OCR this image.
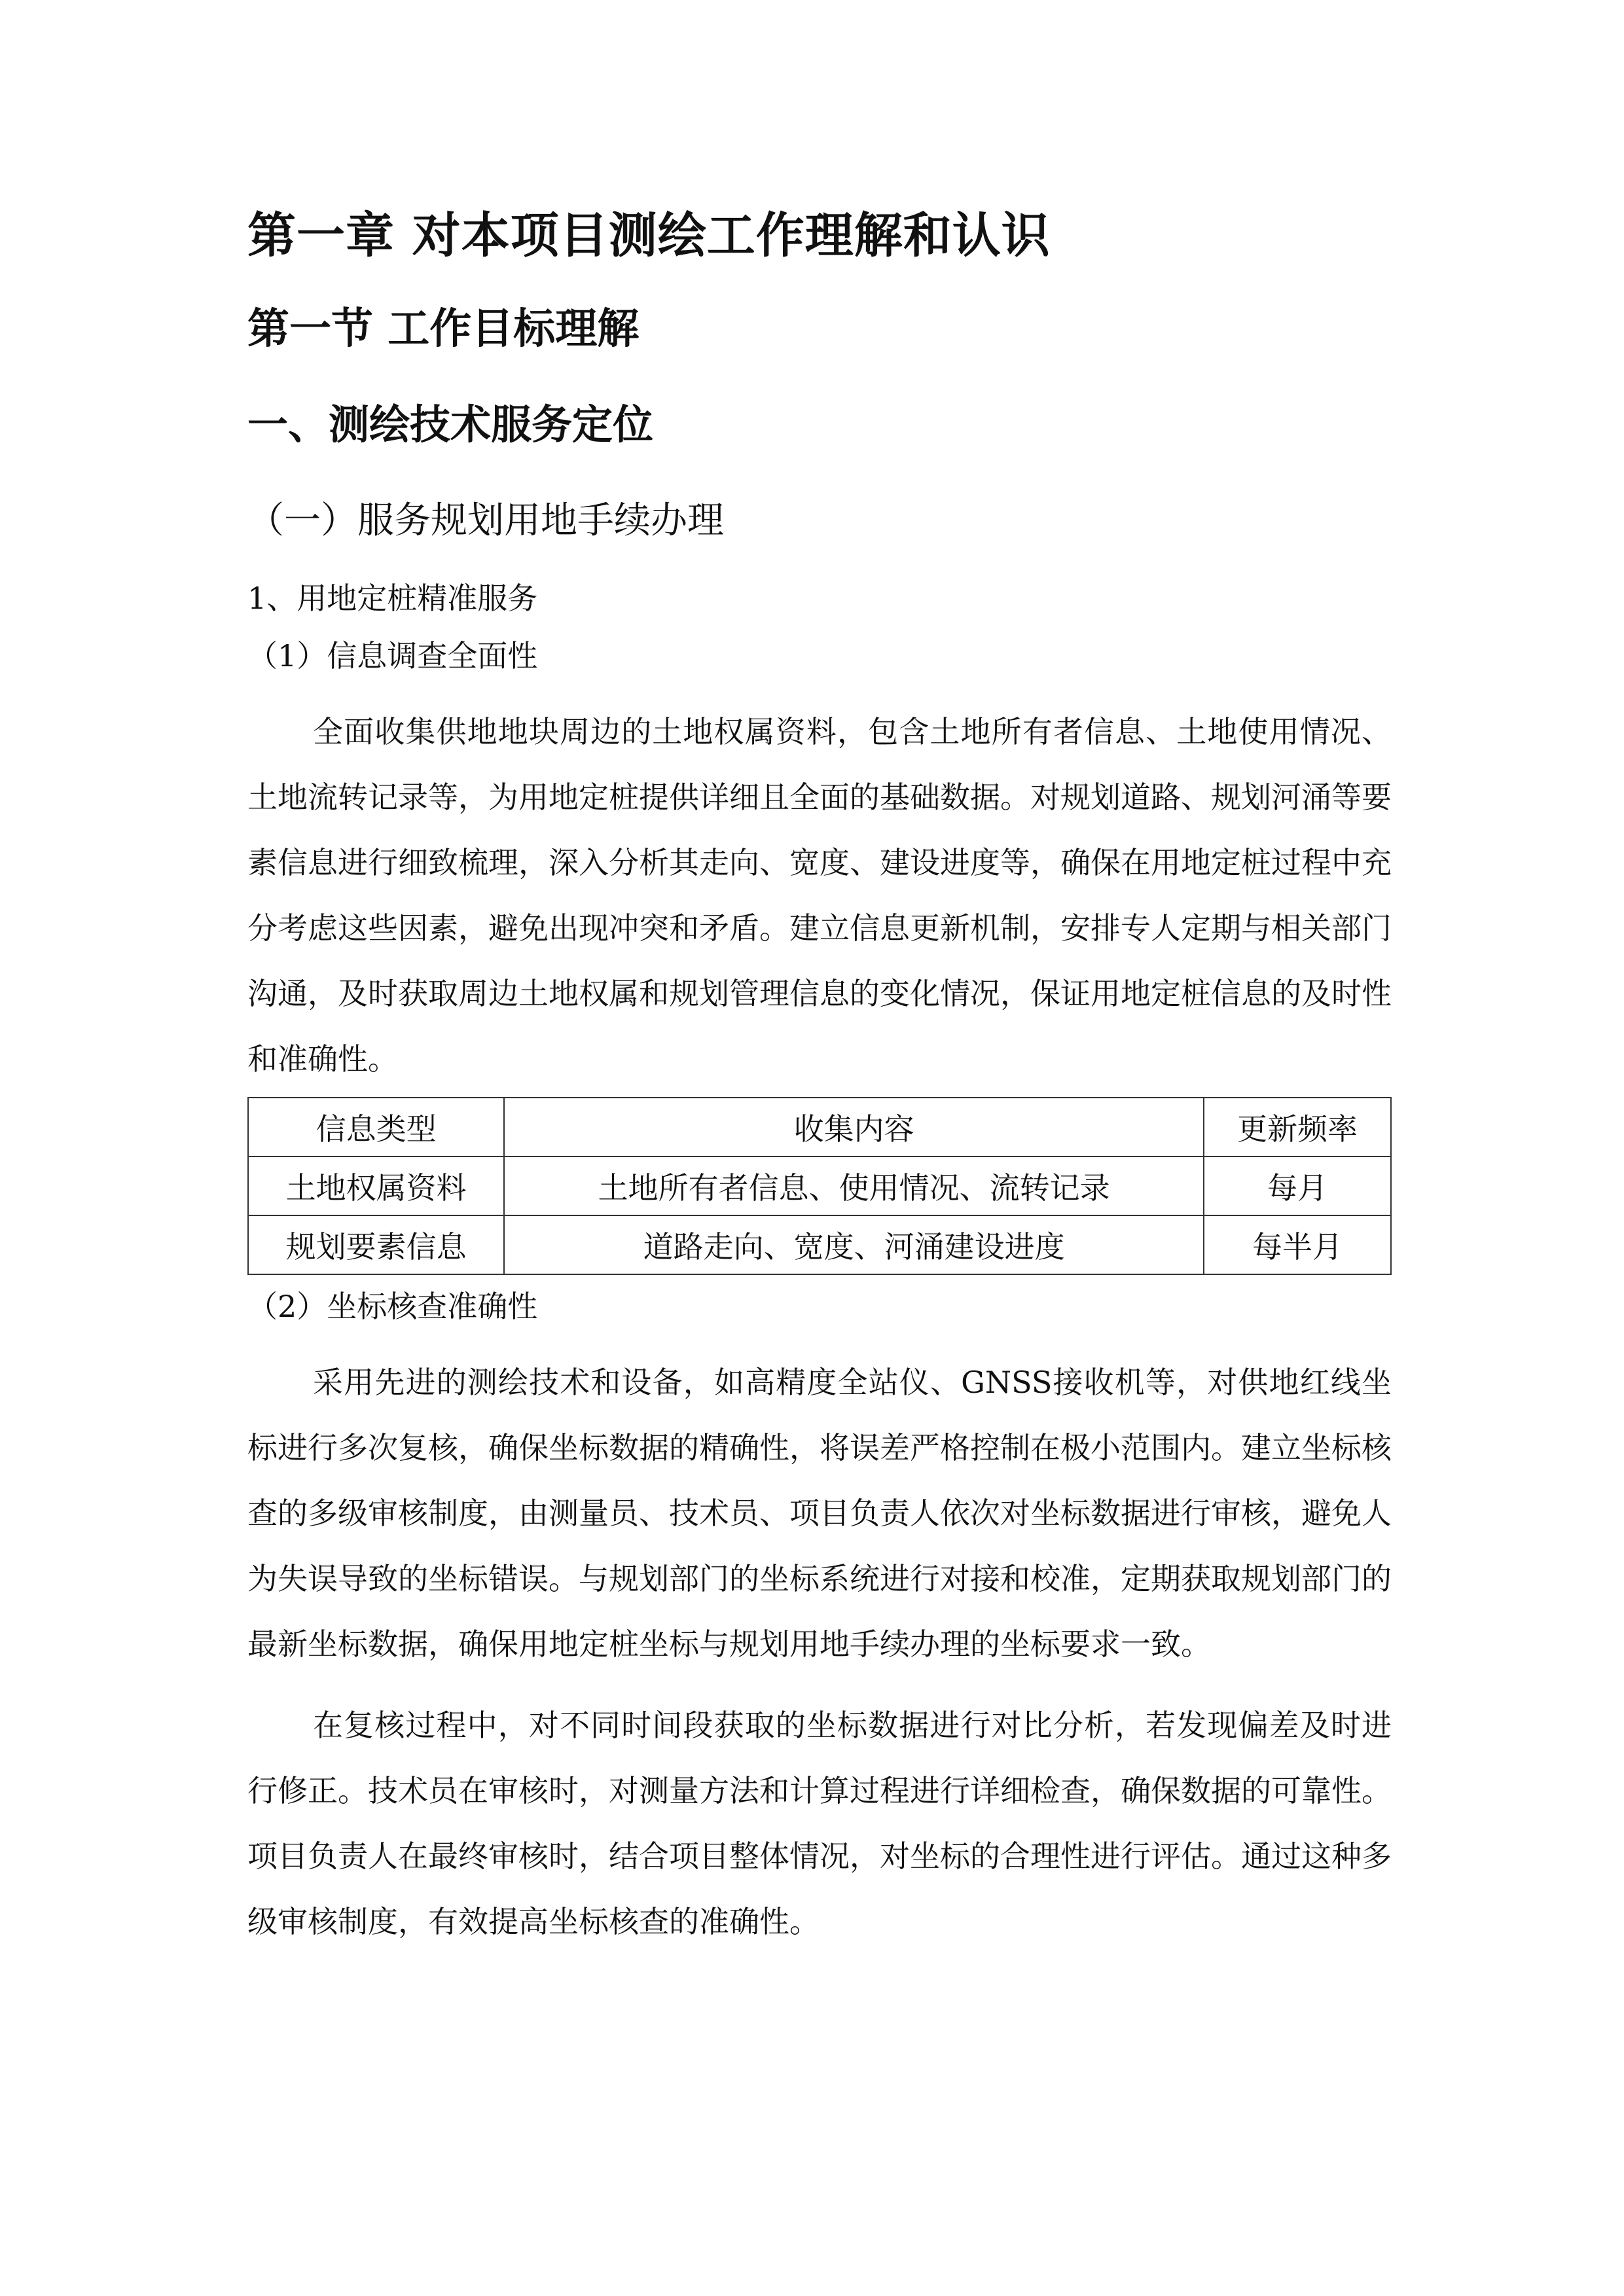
第一章 对本项目测绘工作理解和认识
第一节 工作目标理解
一、测绘技术服务定位
（一）服务规划用地手续办理
1、用地定桩精准服务
（1）信息调查全面性

全面收集供地地块周边的土地权属资料，包含土地所有者信息、土地使用情况、土地流转记录等，为用地定桩提供详细且全面的基础数据。对规划道路、规划河涌等要素信息进行细致梳理，深入分析其走向、宽度、建设进度等，确保在用地定桩过程中充分考虑这些因素，避免出现冲突和矛盾。建立信息更新机制，安排专人定期与相关部门沟通，及时获取周边土地权属和规划管理信息的变化情况，保证用地定桩信息的及时性和准确性。

信息类型	收集内容	更新频率
土地权属资料	土地所有者信息、使用情况、流转记录	每月
规划要素信息	道路走向、宽度、河涌建设进度	每半月
（2）坐标核查准确性

采用先进的测绘技术和设备，如高精度全站仪、GNSS接收机等，对供地红线坐标进行多次复核，确保坐标数据的精确性，将误差严格控制在极小范围内。建立坐标核查的多级审核制度，由测量员、技术员、项目负责人依次对坐标数据进行审核，避免人为失误导致的坐标错误。与规划部门的坐标系统进行对接和校准，定期获取规划部门的最新坐标数据，确保用地定桩坐标与规划用地手续办理的坐标要求一致。

在复核过程中，对不同时间段获取的坐标数据进行对比分析，若发现偏差及时进行修正。技术员在审核时，对测量方法和计算过程进行详细检查，确保数据的可靠性。项目负责人在最终审核时，结合项目整体情况，对坐标的合理性进行评估。通过这种多级审核制度，有效提高坐标核查的准确性。
